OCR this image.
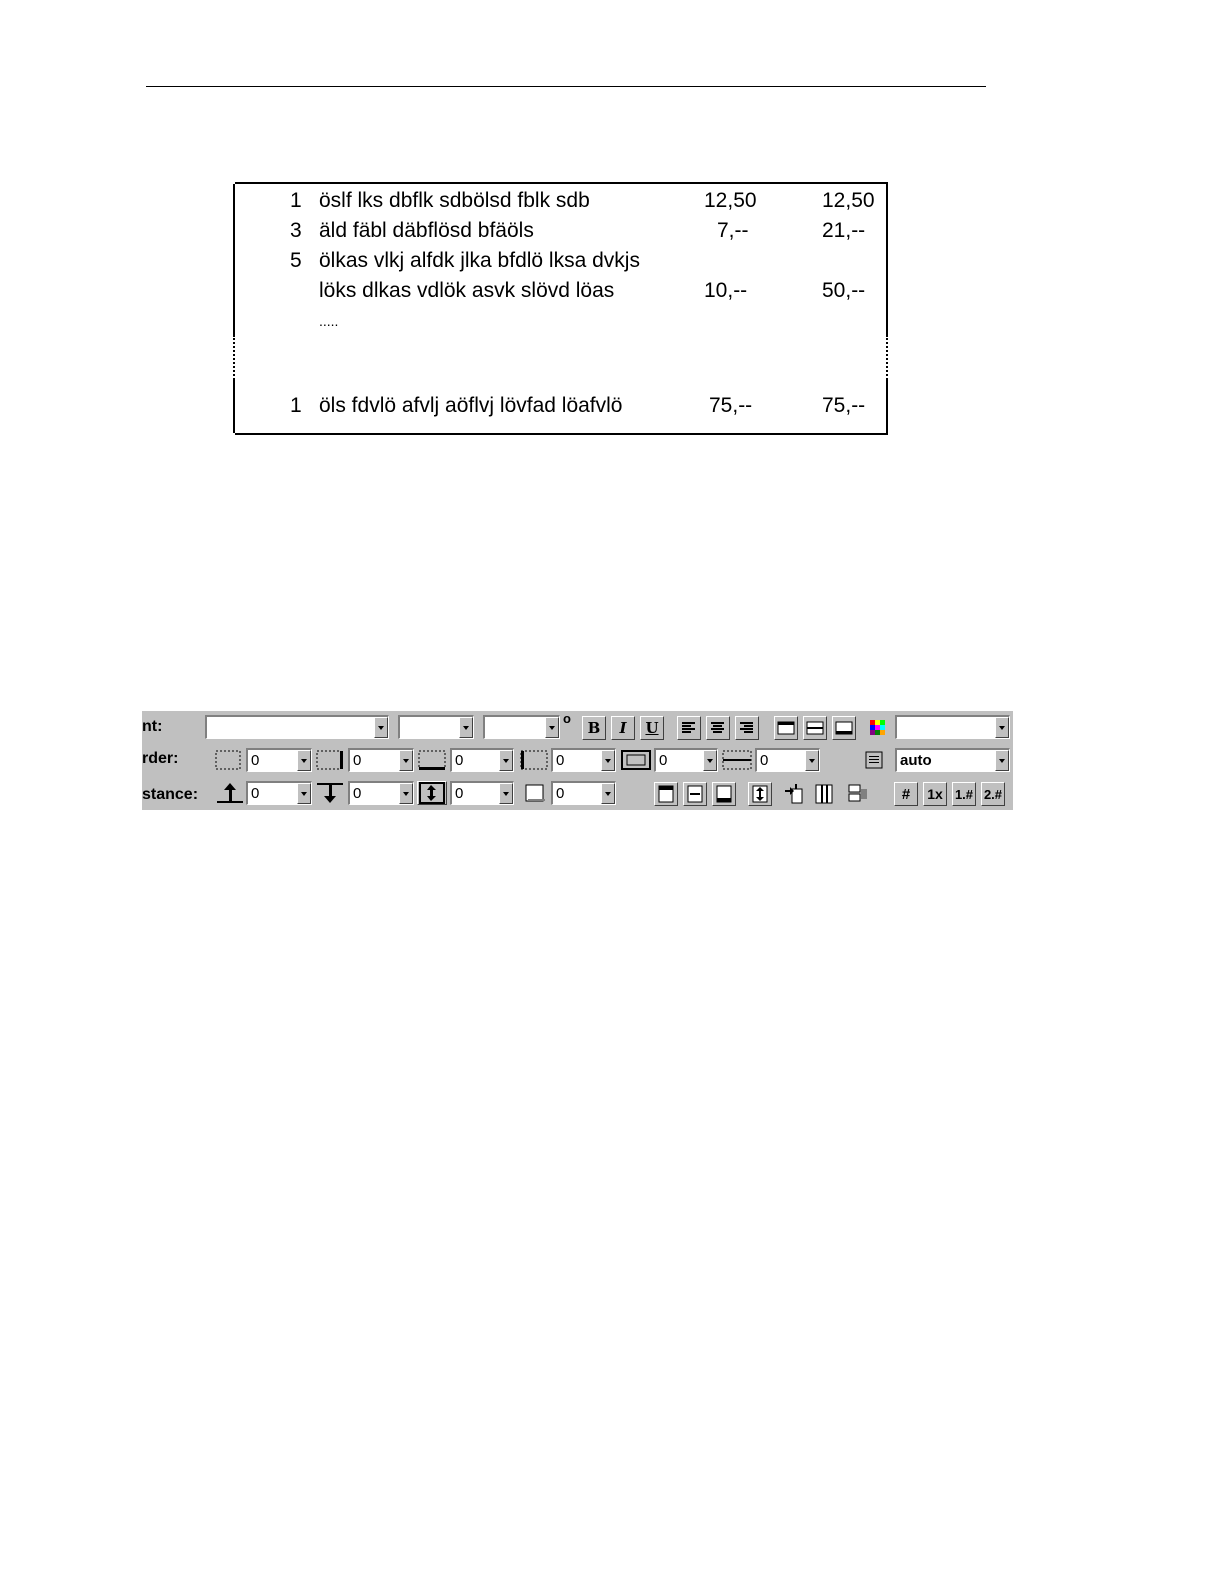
1 öslf lks dbflk sdbölsd fblk sdb	12,50	12,50
3 äld fäbl däbflösd bfäöls	7,--	21,--
5 ölkas vlkj alfdk jlka bfdlö lksa dvkjs
löks dlkas vdlök asvk slövd löas	10,--	50,--
.....
1 öls fdvlö afvlj aöflvj lövfad löafvlö	75,--	75,--
nt:	o
B	I	U
rder:	0	0	0	0	0	0	auto
stance:	0	0	0	0	#	1x 1.# 2.#
